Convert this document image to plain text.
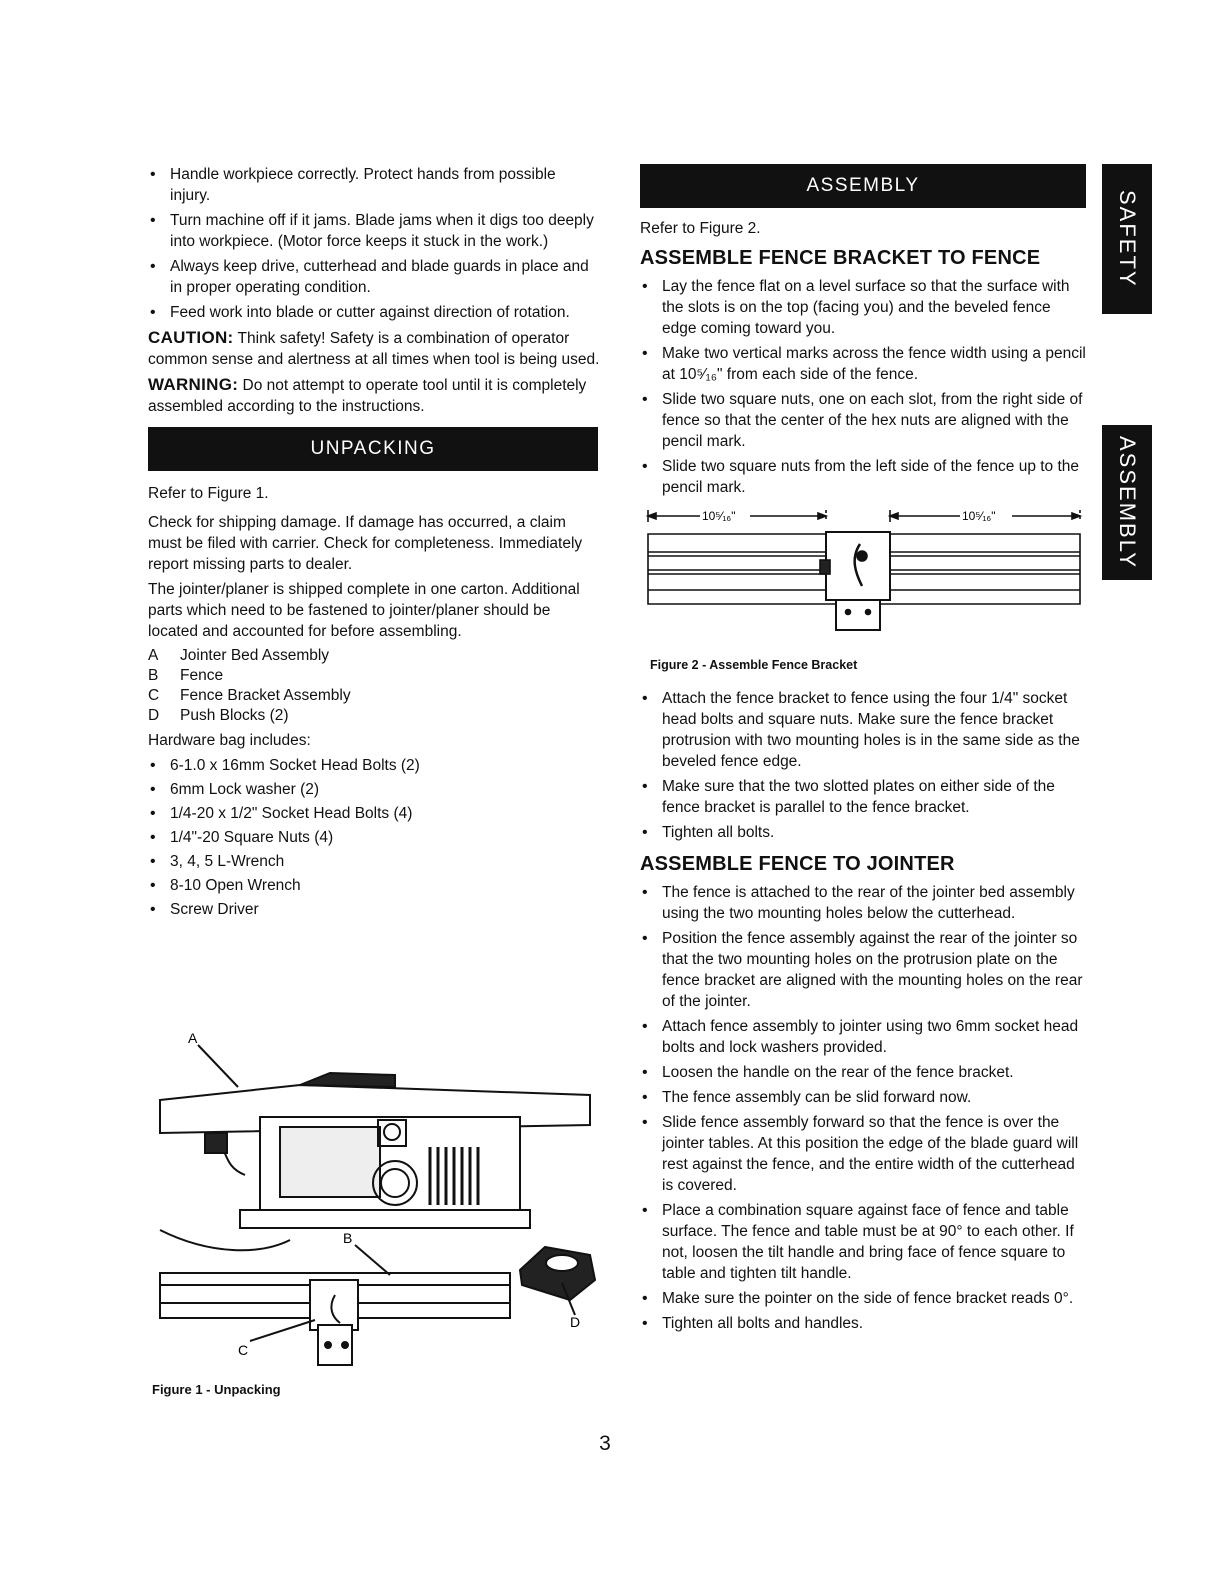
• Handle workpiece correctly. Protect hands from possible injury.
• Turn machine off if it jams. Blade jams when it digs too deeply into workpiece. (Motor force keeps it stuck in the work.)
• Always keep drive, cutterhead and blade guards in place and in proper operating condition.
• Feed work into blade or cutter against direction of rotation.

CAUTION: Think safety! Safety is a combination of operator common sense and alertness at all times when tool is being used.

WARNING: Do not attempt to operate tool until it is completely assembled according to the instructions.

UNPACKING

Refer to Figure 1.

Check for shipping damage. If damage has occurred, a claim must be filed with carrier. Check for completeness. Immediately report missing parts to dealer.

The jointer/planer is shipped complete in one carton. Additional parts which need to be fastened to jointer/planer should be located and accounted for before assembling.

A Jointer Bed Assembly
B Fence
C Fence Bracket Assembly
D Push Blocks (2)

Hardware bag includes:

• 6-1.0 x 16mm Socket Head Bolts (2)
• 6mm Lock washer (2)
• 1/4-20 x 1/2" Socket Head Bolts (4)
• 1/4"-20 Square Nuts (4)
• 3, 4, 5 L-Wrench
• 8-10 Open Wrench
• Screw Driver
A
B
C
D

Figure 1 - Unpacking

ASSEMBLY

Refer to Figure 2.

ASSEMBLE FENCE BRACKET TO FENCE
• Lay the fence flat on a level surface so that the surface with the slots is on the top (facing you) and the beveled fence edge coming toward you.
• Make two vertical marks across the fence width using a pencil at 10⁵⁄₁₆" from each side of the fence.
• Slide two square nuts, one on each slot, from the right side of fence so that the center of the hex nuts are aligned with the pencil mark.
• Slide two square nuts from the left side of the fence up to the pencil mark.
10⁵⁄₁₆"	10⁵⁄₁₆"

Figure 2 - Assemble Fence Bracket

• Attach the fence bracket to fence using the four 1/4" socket head bolts and square nuts. Make sure the fence bracket protrusion with two mounting holes is in the same side as the beveled fence edge.
• Make sure that the two slotted plates on either side of the fence bracket is parallel to the fence bracket.
• Tighten all bolts.
ASSEMBLE FENCE TO JOINTER
• The fence is attached to the rear of the jointer bed assembly using the two mounting holes below the cutterhead.
• Position the fence assembly against the rear of the jointer so that the two mounting holes on the protrusion plate on the fence bracket are aligned with the mounting holes on the rear of the jointer.
• Attach fence assembly to jointer using two 6mm socket head bolts and lock washers provided.
• Loosen the handle on the rear of the fence bracket.
• The fence assembly can be slid forward now.
• Slide fence assembly forward so that the fence is over the jointer tables. At this position the edge of the blade guard will rest against the fence, and the entire width of the cutterhead is covered.
• Place a combination square against face of fence and table surface. The fence and table must be at 90° to each other. If not, loosen the tilt handle and bring face of fence square to table and tighten tilt handle.
• Make sure the pointer on the side of fence bracket reads 0°.
• Tighten all bolts and handles.
SAFETY
ASSEMBLY
3
